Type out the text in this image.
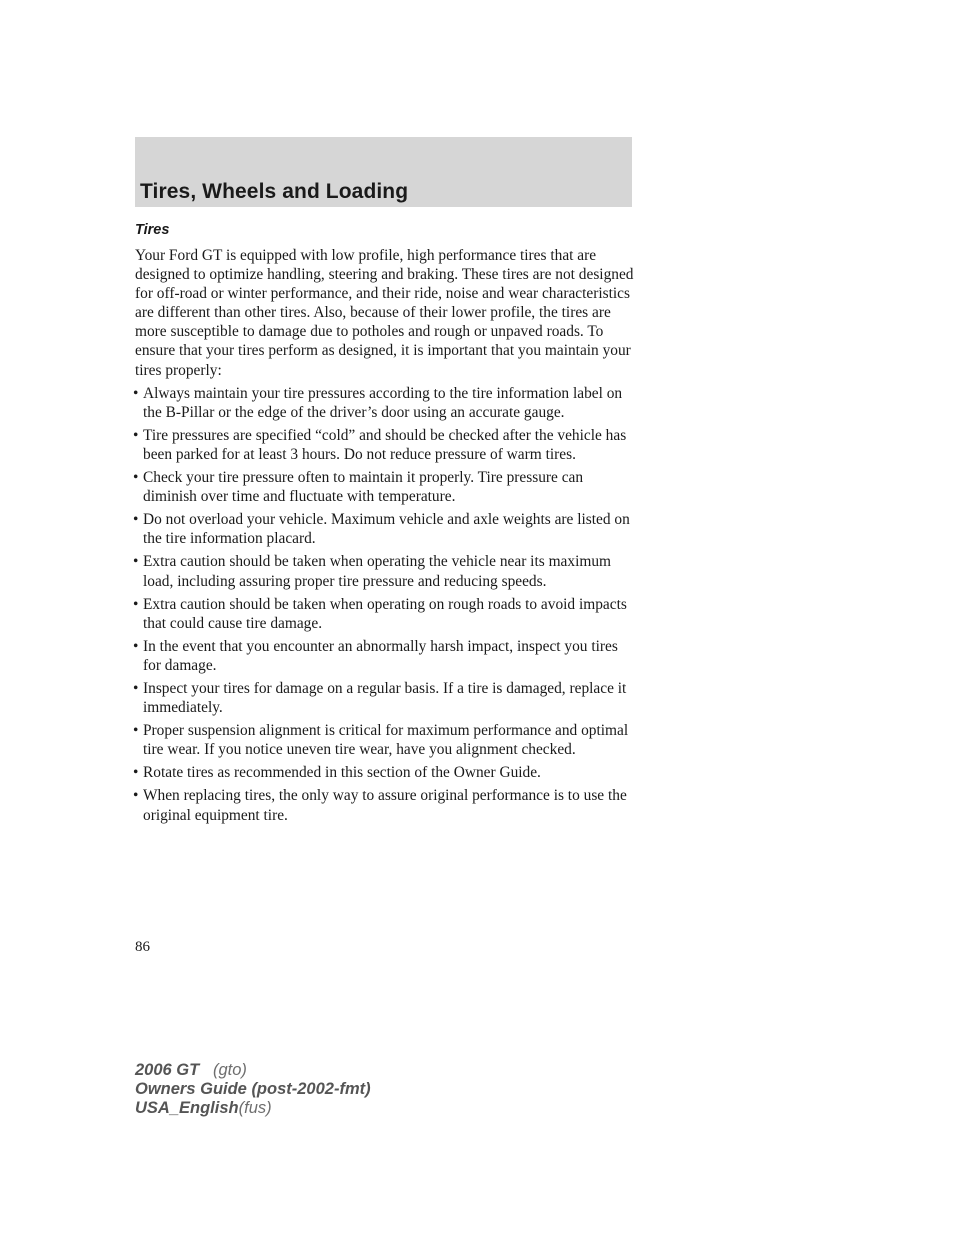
Tires, Wheels and Loading
Tires

Your Ford GT is equipped with low profile, high performance tires that are designed to optimize handling, steering and braking. These tires are not designed for off-road or winter performance, and their ride, noise and wear characteristics are different than other tires. Also, because of their lower profile, the tires are more susceptible to damage due to potholes and rough or unpaved roads. To ensure that your tires perform as designed, it is important that you maintain your tires properly:

• Always maintain your tire pressures according to the tire information label on the B-Pillar or the edge of the driver’s door using an accurate gauge.
• Tire pressures are specified “cold” and should be checked after the vehicle has been parked for at least 3 hours. Do not reduce pressure of warm tires.
• Check your tire pressure often to maintain it properly. Tire pressure can diminish over time and fluctuate with temperature.
• Do not overload your vehicle. Maximum vehicle and axle weights are listed on the tire information placard.
• Extra caution should be taken when operating the vehicle near its maximum load, including assuring proper tire pressure and reducing speeds.
• Extra caution should be taken when operating on rough roads to avoid impacts that could cause tire damage.
• In the event that you encounter an abnormally harsh impact, inspect you tires for damage.
• Inspect your tires for damage on a regular basis. If a tire is damaged, replace it immediately.
• Proper suspension alignment is critical for maximum performance and optimal tire wear. If you notice uneven tire wear, have you alignment checked.
• Rotate tires as recommended in this section of the Owner Guide.
• When replacing tires, the only way to assure original performance is to use the original equipment tire.
86
2006 GT (gto)
Owners Guide (post-2002-fmt)
USA_English(fus)
